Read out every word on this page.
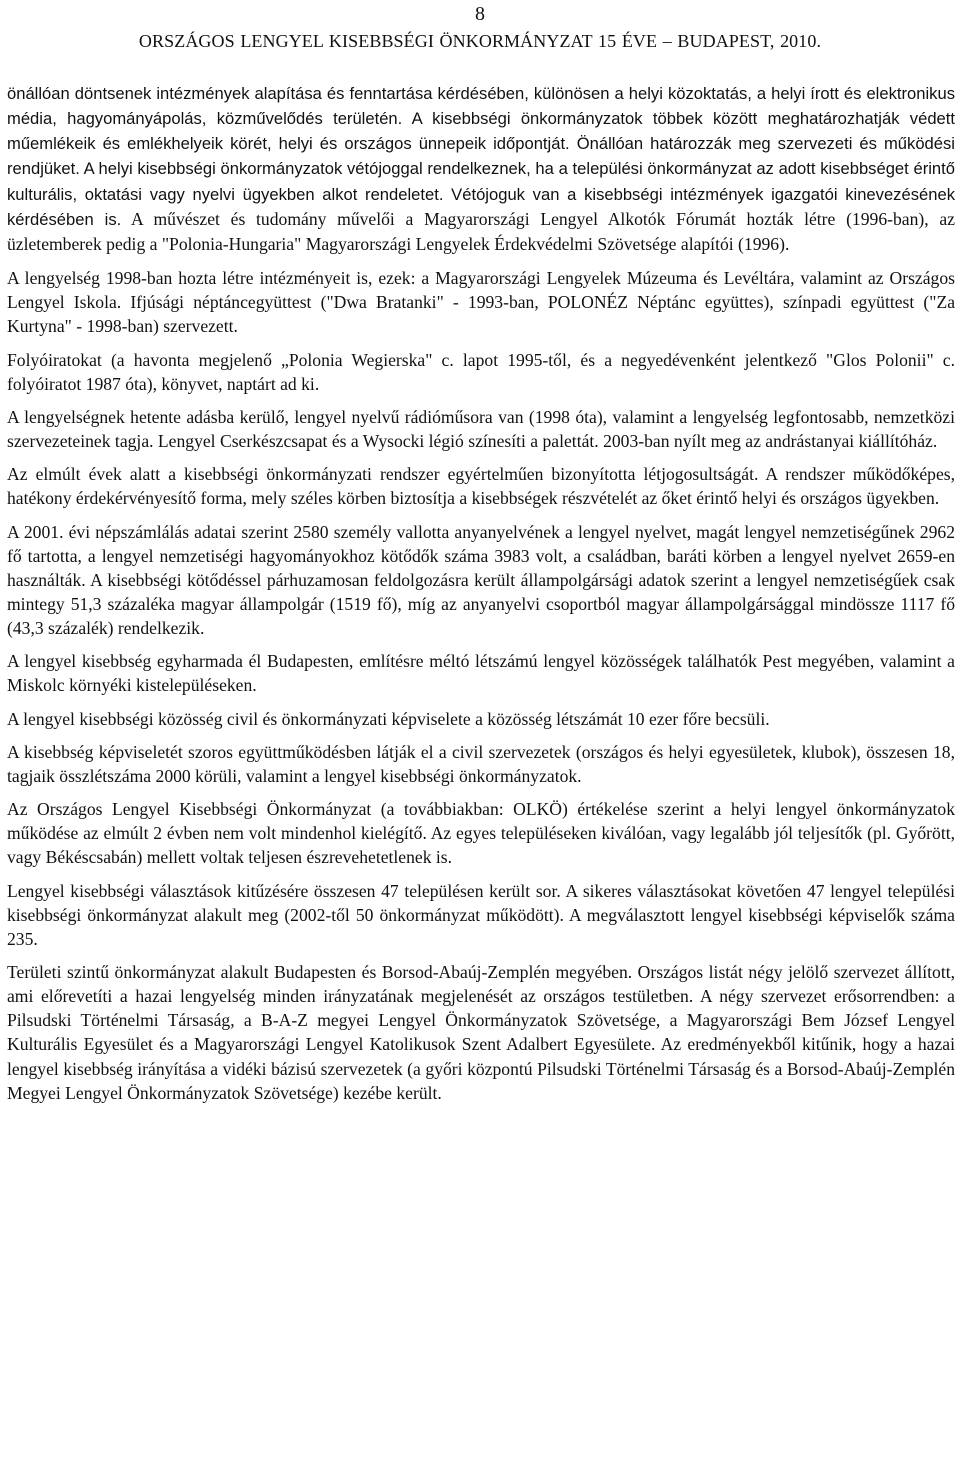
8
ORSZÁGOS LENGYEL KISEBBSÉGI ÖNKORMÁNYZAT 15 ÉVE – BUDAPEST, 2010.

önállóan döntsenek intézmények alapítása és fenntartása kérdésében, különösen a helyi közoktatás, a helyi írott és elektronikus média, hagyományápolás, közművelődés területén. A kisebbségi önkormányzatok többek között meghatározhatják védett műemlékeik és emlékhelyeik körét, helyi és országos ünnepeik időpontját. Önállóan határozzák meg szervezeti és működési rendjüket. A helyi kisebbségi önkormányzatok vétójoggal rendelkeznek, ha a települési önkormányzat az adott kisebbséget érintő kulturális, oktatási vagy nyelvi ügyekben alkot rendeletet. Vétójoguk van a kisebbségi intézmények igazgatói kinevezésének kérdésében is. A művészet és tudomány művelői a Magyarországi Lengyel Alkotók Fórumát hozták létre (1996-ban), az üzletemberek pedig a "Polonia-Hungaria" Magyarországi Lengyelek Érdekvédelmi Szövetsége alapítói (1996).

A lengyelség 1998-ban hozta létre intézményeit is, ezek: a Magyarországi Lengyelek Múzeuma és Levéltára, valamint az Országos Lengyel Iskola. Ifjúsági néptáncegyüttest ("Dwa Bratanki" - 1993-ban, POLONÉZ Néptánc együttes), színpadi együttest ("Za Kurtyna" - 1998-ban) szervezett.

Folyóiratokat (a havonta megjelenő „Polonia Wegierska" c. lapot 1995-től, és a negyedévenként jelentkező "Glos Polonii" c. folyóiratot 1987 óta), könyvet, naptárt ad ki.

A lengyelségnek hetente adásba kerülő, lengyel nyelvű rádióműsora van (1998 óta), valamint a lengyelség legfontosabb, nemzetközi szervezeteinek tagja. Lengyel Cserkészcsapat és a Wysocki légió színesíti a palettát. 2003-ban nyílt meg az andrástanyai kiállítóház.

Az elmúlt évek alatt a kisebbségi önkormányzati rendszer egyértelműen bizonyította létjogosultságát. A rendszer működőképes, hatékony érdekérvényesítő forma, mely széles körben biztosítja a kisebbségek részvételét az őket érintő helyi és országos ügyekben.

A 2001. évi népszámlálás adatai szerint 2580 személy vallotta anyanyelvének a lengyel nyelvet, magát lengyel nemzetiségűnek 2962 fő tartotta, a lengyel nemzetiségi hagyományokhoz kötődők száma 3983 volt, a családban, baráti körben a lengyel nyelvet 2659-en használták. A kisebbségi kötődéssel párhuzamosan feldolgozásra került állampolgársági adatok szerint a lengyel nemzetiségűek csak mintegy 51,3 százaléka magyar állampolgár (1519 fő), míg az anyanyelvi csoportból magyar állampolgársággal mindössze 1117 fő (43,3 százalék) rendelkezik.

A lengyel kisebbség egyharmada él Budapesten, említésre méltó létszámú lengyel közösségek találhatók Pest megyében, valamint a Miskolc környéki kistelepüléseken.

A lengyel kisebbségi közösség civil és önkormányzati képviselete a közösség létszámát 10 ezer főre becsüli.

A kisebbség képviseletét szoros együttműködésben látják el a civil szervezetek (országos és helyi egyesületek, klubok), összesen 18, tagjaik összlétszáma 2000 körüli, valamint a lengyel kisebbségi önkormányzatok.

Az Országos Lengyel Kisebbségi Önkormányzat (a továbbiakban: OLKÖ) értékelése szerint a helyi lengyel önkormányzatok működése az elmúlt 2 évben nem volt mindenhol kielégítő. Az egyes településeken kiválóan, vagy legalább jól teljesítők (pl. Győrött, vagy Békéscsabán) mellett voltak teljesen észrevehetetlenek is.

Lengyel kisebbségi választások kitűzésére összesen 47 településen került sor. A sikeres választásokat követően 47 lengyel települési kisebbségi önkormányzat alakult meg (2002-től 50 önkormányzat működött). A megválasztott lengyel kisebbségi képviselők száma 235.

Területi szintű önkormányzat alakult Budapesten és Borsod-Abaúj-Zemplén megyében. Országos listát négy jelölő szervezet állított, ami előrevetíti a hazai lengyelség minden irányzatának megjelenését az országos testületben. A négy szervezet erősorrendben: a Pilsudski Történelmi Társaság, a B-A-Z megyei Lengyel Önkormányzatok Szövetsége, a Magyarországi Bem József Lengyel Kulturális Egyesület és a Magyarországi Lengyel Katolikusok Szent Adalbert Egyesülete. Az eredményekből kitűnik, hogy a hazai lengyel kisebbség irányítása a vidéki bázisú szervezetek (a győri központú Pilsudski Történelmi Társaság és a Borsod-Abaúj-Zemplén Megyei Lengyel Önkormányzatok Szövetsége) kezébe került.
